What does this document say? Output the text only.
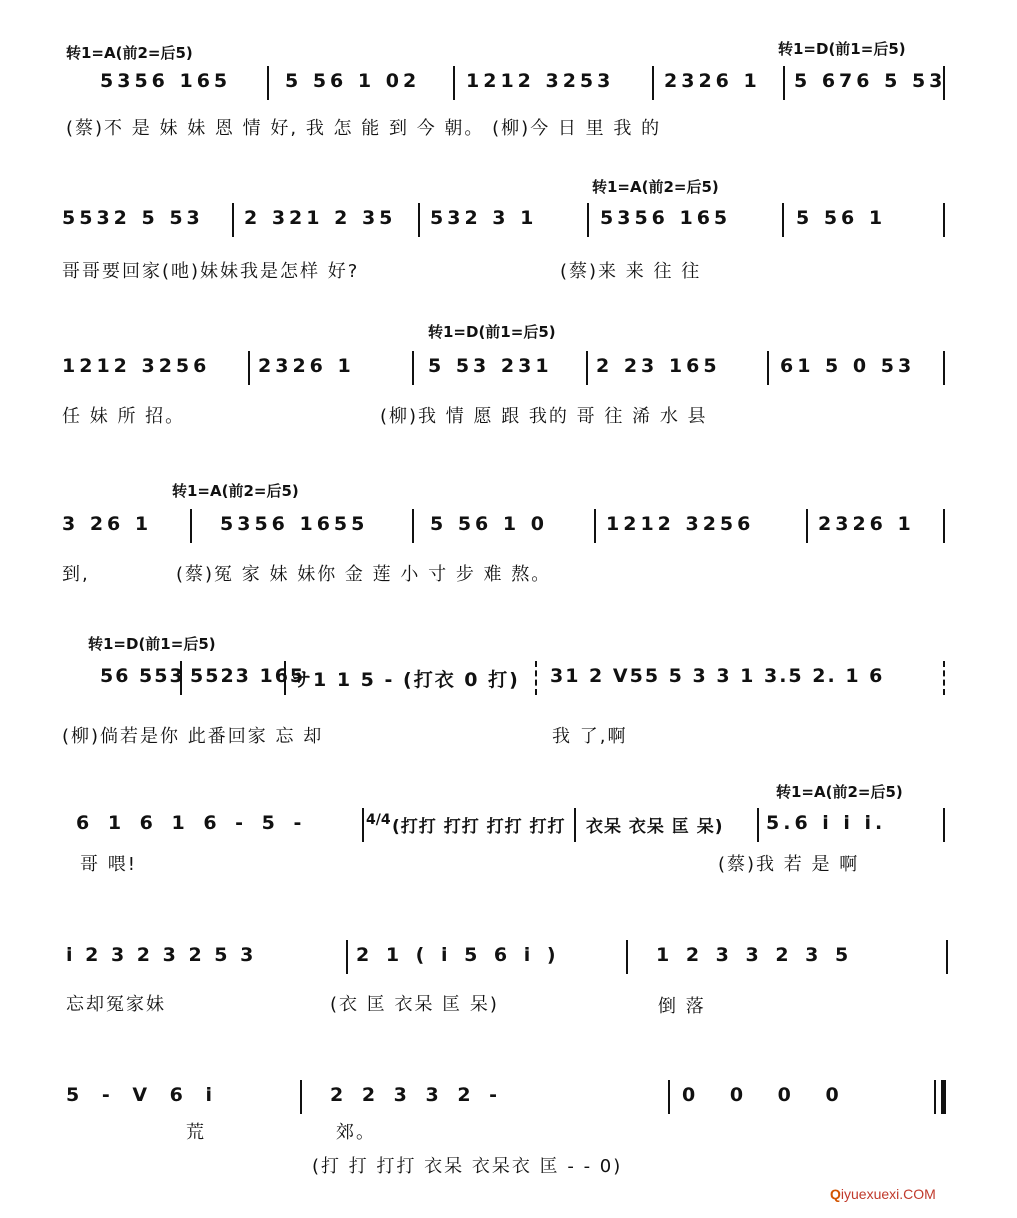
转1=A(前2=后5)	转1=D(前1=后5)
5356 165	5 56 1 02 1212 3253	2326 1 5 676 5 53
(蔡)不 是 妹 妹 恩 情 好, 我 怎 能 到 今 朝。 (柳)今 日 里 我 的
转1=A(前2=后5)
5532 5 53 2 321 2 35 532 3 1	5356 165	5 56 1
哥哥要回家(吔)妹妹我是怎样 好?	(蔡)来 来 往 往
转1=D(前1=后5)
1212 3256	2326 1	5 53 231 2 23 165	61 5 0 53
任 妹 所 招。	(柳)我 情 愿 跟 我的 哥 往 浠 水 县
转1=A(前2=后5)
3 26 1	5356 1655	5 56 1 0	1212 3256	2326 1
到,	(蔡)冤 家 妹 妹你 金 莲 小 寸 步 难 熬。
转1=D(前1=后5)
56 553 5523 165
サ1 1 5 - (打衣 0 打) 31 2 V55 5 3 3 1 3.5 2. 1 6
(柳)倘若是你 此番回家 忘 却	我 了,啊
转1=A(前2=后5)
6 1 6 1 6 - 5 -	4/4 (打打 打打 打打 打打 衣呆 衣呆 匡 呆) 5.6 i i i.
哥 喂!	(蔡)我 若 是 啊
i 2 3 2 3 2 5 3	2 1 ( i 5 6 i )	1 2 3 3 2 3 5
忘却冤家妹	(衣 匡 衣呆 匡 呆)	倒 落
5 - V 6 i	2 2 3 3 2 -	0 0 0 0
荒	郊。
(打 打 打打 衣呆 衣呆衣 匡 - - 0)
Qiyuexuexi.COM
